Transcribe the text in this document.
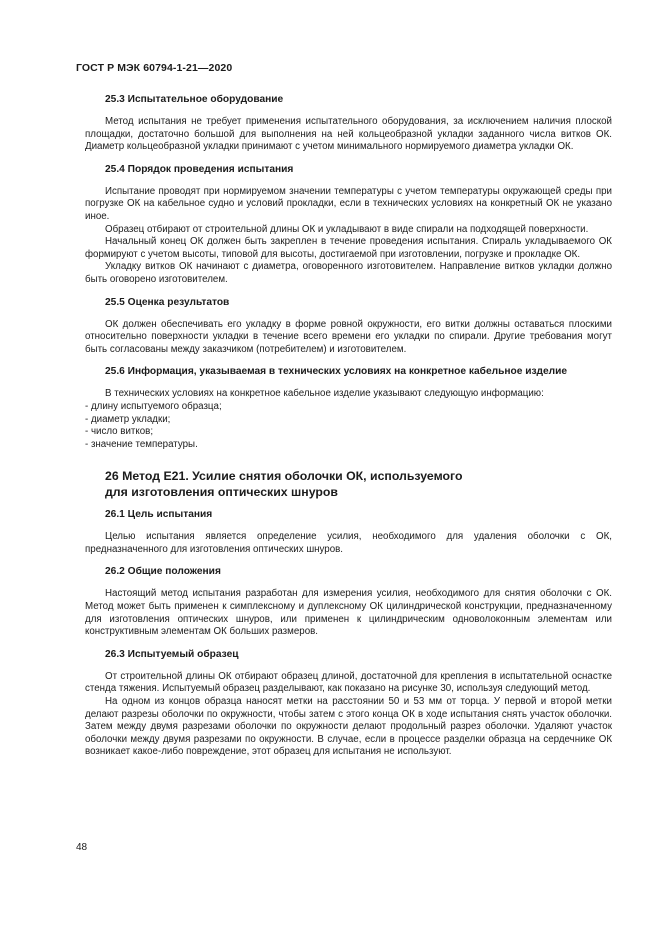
ГОСТ Р МЭК 60794-1-21—2020
25.3 Испытательное оборудование

Метод испытания не требует применения испытательного оборудования, за исключением наличия плоской площадки, достаточно большой для выполнения на ней кольцеобразной укладки заданного числа витков ОК. Диаметр кольцеобразной укладки принимают с учетом минимального нормируемого диаметра укладки ОК.

25.4 Порядок проведения испытания

Испытание проводят при нормируемом значении температуры с учетом температуры окружающей среды при погрузке ОК на кабельное судно и условий прокладки, если в технических условиях на конкретный ОК не указано иное.

Образец отбирают от строительной длины ОК и укладывают в виде спирали на подходящей поверхности.

Начальный конец ОК должен быть закреплен в течение проведения испытания. Спираль укладываемого ОК формируют с учетом высоты, типовой для высоты, достигаемой при изготовлении, погрузке и прокладке ОК.

Укладку витков ОК начинают с диаметра, оговоренного изготовителем. Направление витков укладки должно быть оговорено изготовителем.

25.5 Оценка результатов

ОК должен обеспечивать его укладку в форме ровной окружности, его витки должны оставаться плоскими относительно поверхности укладки в течение всего времени его укладки по спирали. Другие требования могут быть согласованы между заказчиком (потребителем) и изготовителем.

25.6 Информация, указываемая в технических условиях на конкретное кабельное изделие

В технических условиях на конкретное кабельное изделие указывают следующую информацию:

- длину испытуемого образца;
- диаметр укладки;
- число витков;
- значение температуры.
26 Метод E21. Усилие снятия оболочки ОК, используемого
для изготовления оптических шнуров
26.1 Цель испытания

Целью испытания является определение усилия, необходимого для удаления оболочки с ОК, предназначенного для изготовления оптических шнуров.

26.2 Общие положения

Настоящий метод испытания разработан для измерения усилия, необходимого для снятия оболочки с ОК. Метод может быть применен к симплексному и дуплексному ОК цилиндрической конструкции, предназначенному для изготовления оптических шнуров, или применен к цилиндрическим одноволоконным элементам или конструктивным элементам ОК больших размеров.

26.3 Испытуемый образец

От строительной длины ОК отбирают образец длиной, достаточной для крепления в испытательной оснастке стенда тяжения. Испытуемый образец разделывают, как показано на рисунке 30, используя следующий метод.

На одном из концов образца наносят метки на расстоянии 50 и 53 мм от торца. У первой и второй метки делают разрезы оболочки по окружности, чтобы затем с этого конца ОК в ходе испытания снять участок оболочки. Затем между двумя разрезами оболочки по окружности делают продольный разрез оболочки. Удаляют участок оболочки между двумя разрезами по окружности. В случае, если в процессе разделки образца на сердечнике ОК возникает какое-либо повреждение, этот образец для испытания не используют.

48
